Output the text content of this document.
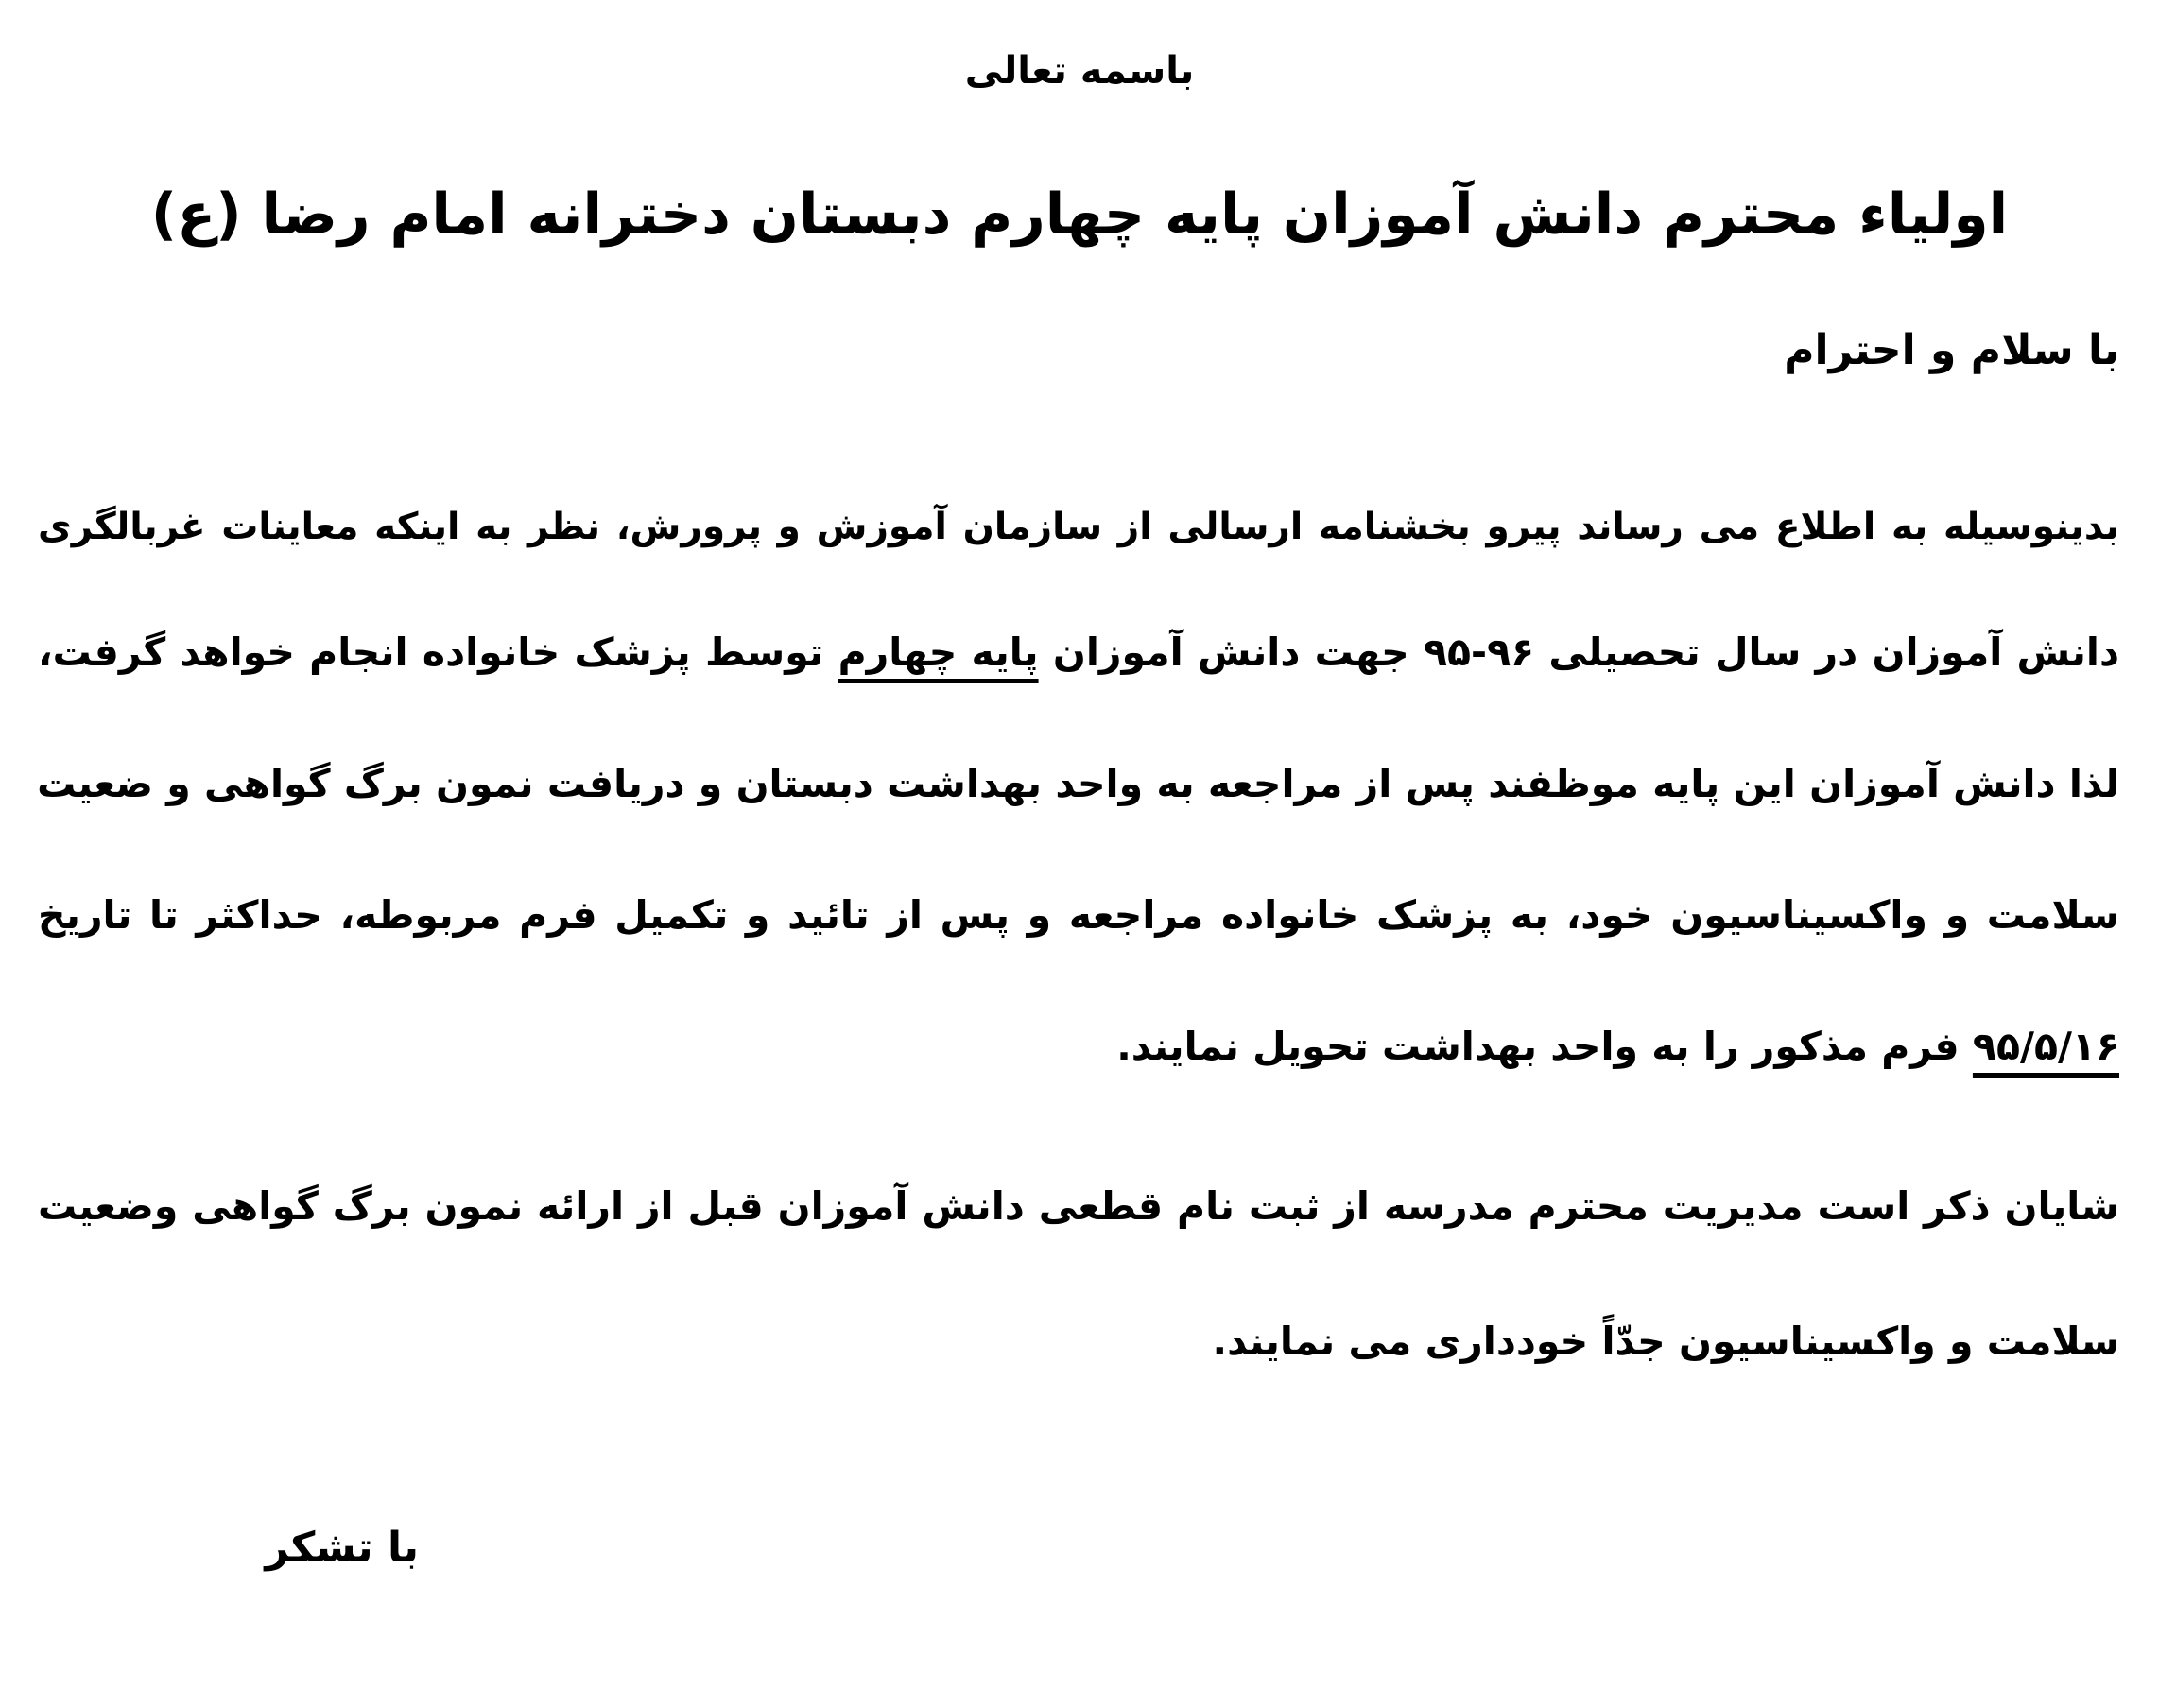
باسمه تعالی
اولیاء محترم دانش آموزان پایه چهارم دبستان دخترانه امام رضا (ع)
با سلام و احترام
بدینوسیله به اطلاع می رساند پیرو بخشنامه ارسالی از سازمان آموزش و پرورش، نظر به اینکه معاینات غربالگری
دانش آموزان در سال تحصیلی ۹۶-۹۵ جهت دانش آموزان پایه چهارم توسط پزشک خانواده انجام خواهد گرفت،
لذا دانش آموزان این پایه موظفند پس از مراجعه به واحد بهداشت دبستان و دریافت نمون برگ گواهی و ضعیت
سلامت و واکسیناسیون خود، به پزشک خانواده مراجعه و پس از تائید و تکمیل فرم مربوطه، حداکثر تا تاریخ
۹۵/۵/۱۶ فرم مذکور را به واحد بهداشت تحویل نمایند.
شایان ذکر است مدیریت محترم مدرسه از ثبت نام قطعی دانش آموزان قبل از ارائه نمون برگ گواهی وضعیت
سلامت و واکسیناسیون جدّاً خودداری می نمایند.
با تشکر
